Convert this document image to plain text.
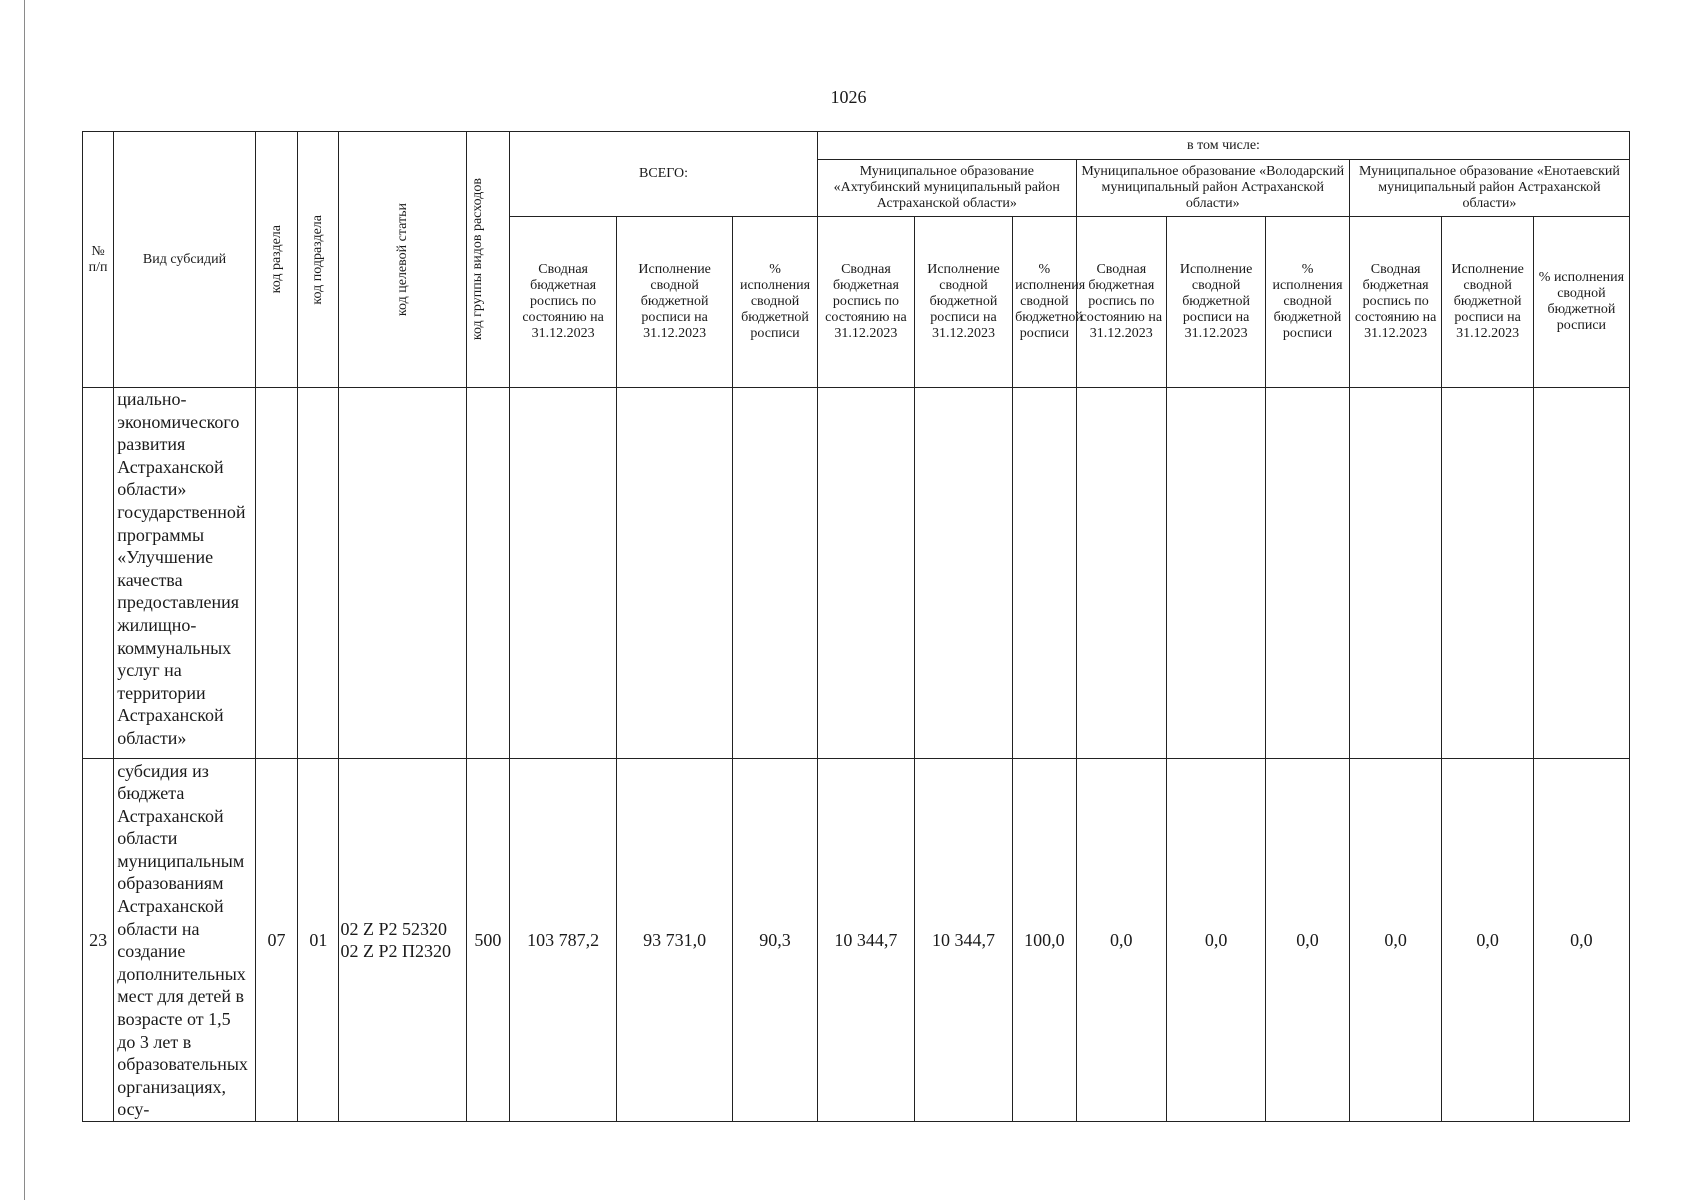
1026
№ п/п	Вид субсидий	код раздела	код подраздела	код целевой статьи	код группы видов расходов	ВСЕГО:			в том числе:								
									Муниципальное образование «Ахтубинский муниципальный район Астраханской области»			Муниципальное образование «Володарский муниципальный район Астраханской области»			Муниципальное образование «Енотаевский муниципальный район Астраханской области»		
						Сводная бюджетная роспись по состоянию на 31.12.2023	Исполнение сводной бюджетной росписи на 31.12.2023	% исполнения сводной бюджетной росписи	Сводная бюджетная роспись по состоянию на 31.12.2023	Исполнение сводной бюджетной росписи на 31.12.2023	% исполнения сводной бюджетной росписи	Сводная бюджетная роспись по состоянию на 31.12.2023	Исполнение сводной бюджетной росписи на 31.12.2023	% исполнения сводной бюджетной росписи	Сводная бюджетная роспись по состоянию на 31.12.2023	Исполнение сводной бюджетной росписи на 31.12.2023	% исполнения сводной бюджетной росписи
	циально-экономического развития Астраханской области» государственной программы «Улучшение качества предоставления жилищно-коммунальных услуг на территории Астраханской области»																
23	субсидия из бюджета Астраханской области муниципальным образованиям Астраханской области на создание дополнительных мест для детей в возрасте от 1,5 до 3 лет в образовательных организациях, осу-	07	01	02 Z P2 52320
02 Z P2 П2320	500	103 787,2	93 731,0	90,3	10 344,7	10 344,7	100,0	0,0	0,0	0,0	0,0	0,0	0,0
